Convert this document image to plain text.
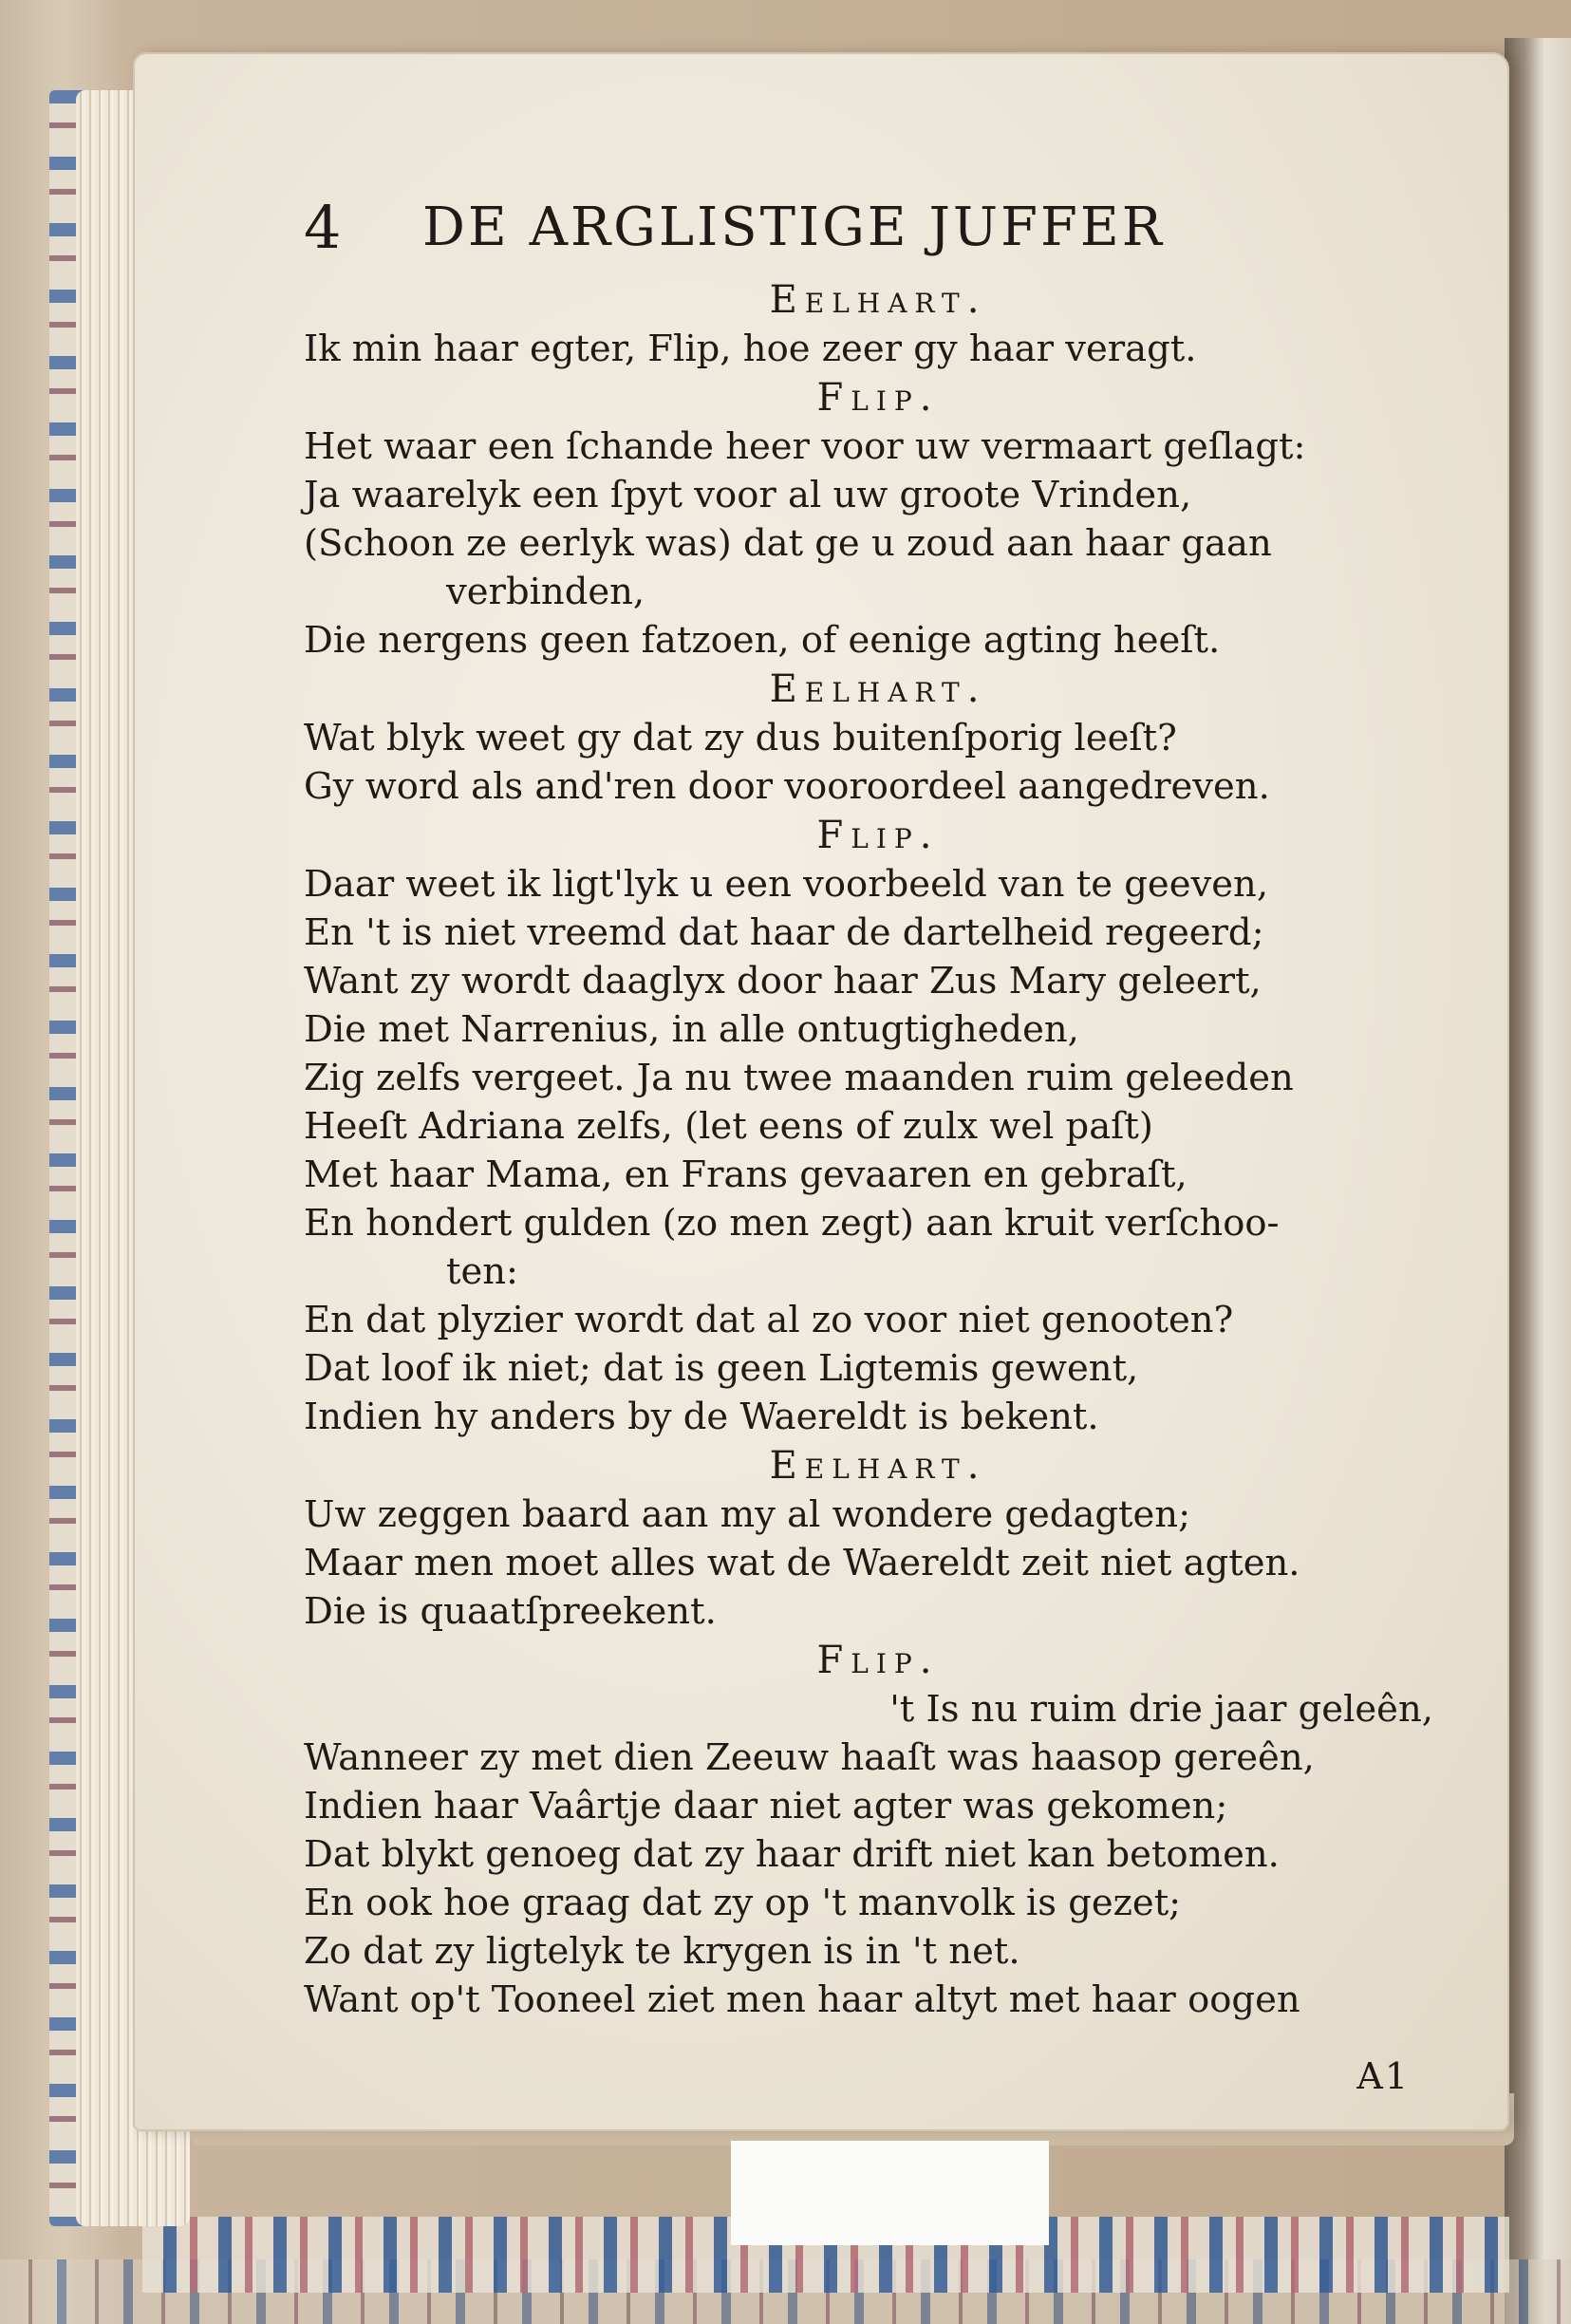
4 DE ARGLISTIGE JUFFER

Eelhart.

Ik min haar egter, Flip, hoe zeer gy haar veragt.

Flip.

Het waar een ſchande heer voor uw vermaart geſlagt:

Ja waarelyk een ſpyt voor al uw groote Vrinden,

(Schoon ze eerlyk was) dat ge u zoud aan haar gaan

verbinden,

Die nergens geen fatzoen, of eenige agting heeſt.

Eelhart.

Wat blyk weet gy dat zy dus buitenſporig leeſt?

Gy word als and'ren door vooroordeel aangedreven.

Flip.

Daar weet ik ligt'lyk u een voorbeeld van te geeven,

En 't is niet vreemd dat haar de dartelheid regeerd;

Want zy wordt daaglyx door haar Zus Mary geleert,

Die met Narrenius, in alle ontugtigheden,

Zig zelfs vergeet. Ja nu twee maanden ruim geleeden

Heeſt Adriana zelfs, (let eens of zulx wel paſt)

Met haar Mama, en Frans gevaaren en gebraſt,

En hondert gulden (zo men zegt) aan kruit verſchoo-

ten:

En dat plyzier wordt dat al zo voor niet genooten?

Dat loof ik niet; dat is geen Ligtemis gewent,

Indien hy anders by de Waereldt is bekent.

Eelhart.

Uw zeggen baard aan my al wondere gedagten;

Maar men moet alles wat de Waereldt zeit niet agten.

Die is quaatſpreekent.

Flip.

't Is nu ruim drie jaar geleên,

Wanneer zy met dien Zeeuw haaſt was haasop gereên,

Indien haar Vaârtje daar niet agter was gekomen;

Dat blykt genoeg dat zy haar drift niet kan betomen.

En ook hoe graag dat zy op 't manvolk is gezet;

Zo dat zy ligtelyk te krygen is in 't net.

Want op't Tooneel ziet men haar altyt met haar oogen

A1
